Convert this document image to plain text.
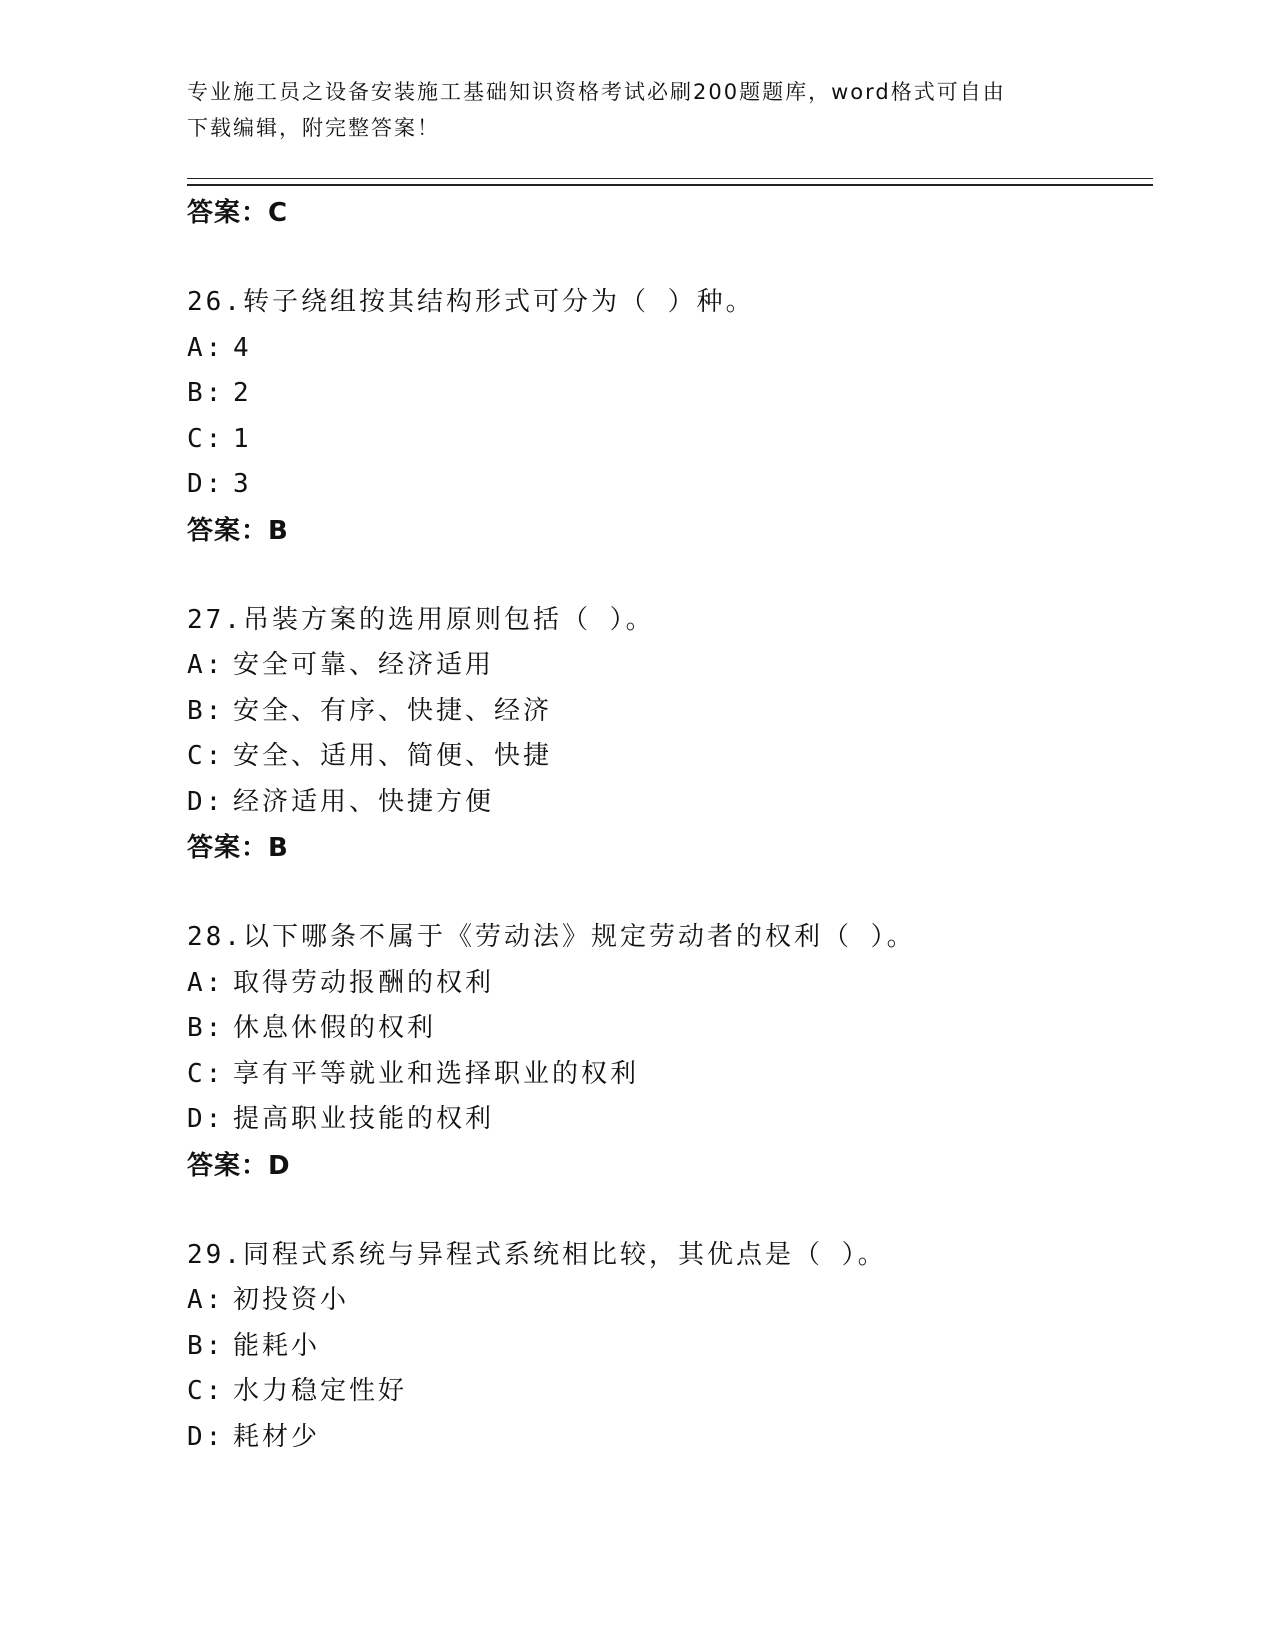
专业施工员之设备安装施工基础知识资格考试必刷200题题库，word格式可自由
下载编辑，附完整答案！
答案：C
26.转子绕组按其结构形式可分为（ ）种。
A: 4
B: 2
C: 1
D: 3
答案：B
27.吊装方案的选用原则包括（ ）。
A: 安全可靠、经济适用
B: 安全、有序、快捷、经济
C: 安全、适用、简便、快捷
D: 经济适用、快捷方便
答案：B
28.以下哪条不属于《劳动法》规定劳动者的权利（ ）。
A: 取得劳动报酬的权利
B: 休息休假的权利
C: 享有平等就业和选择职业的权利
D: 提高职业技能的权利
答案：D
29.同程式系统与异程式系统相比较，其优点是（ ）。
A: 初投资小
B: 能耗小
C: 水力稳定性好
D: 耗材少
